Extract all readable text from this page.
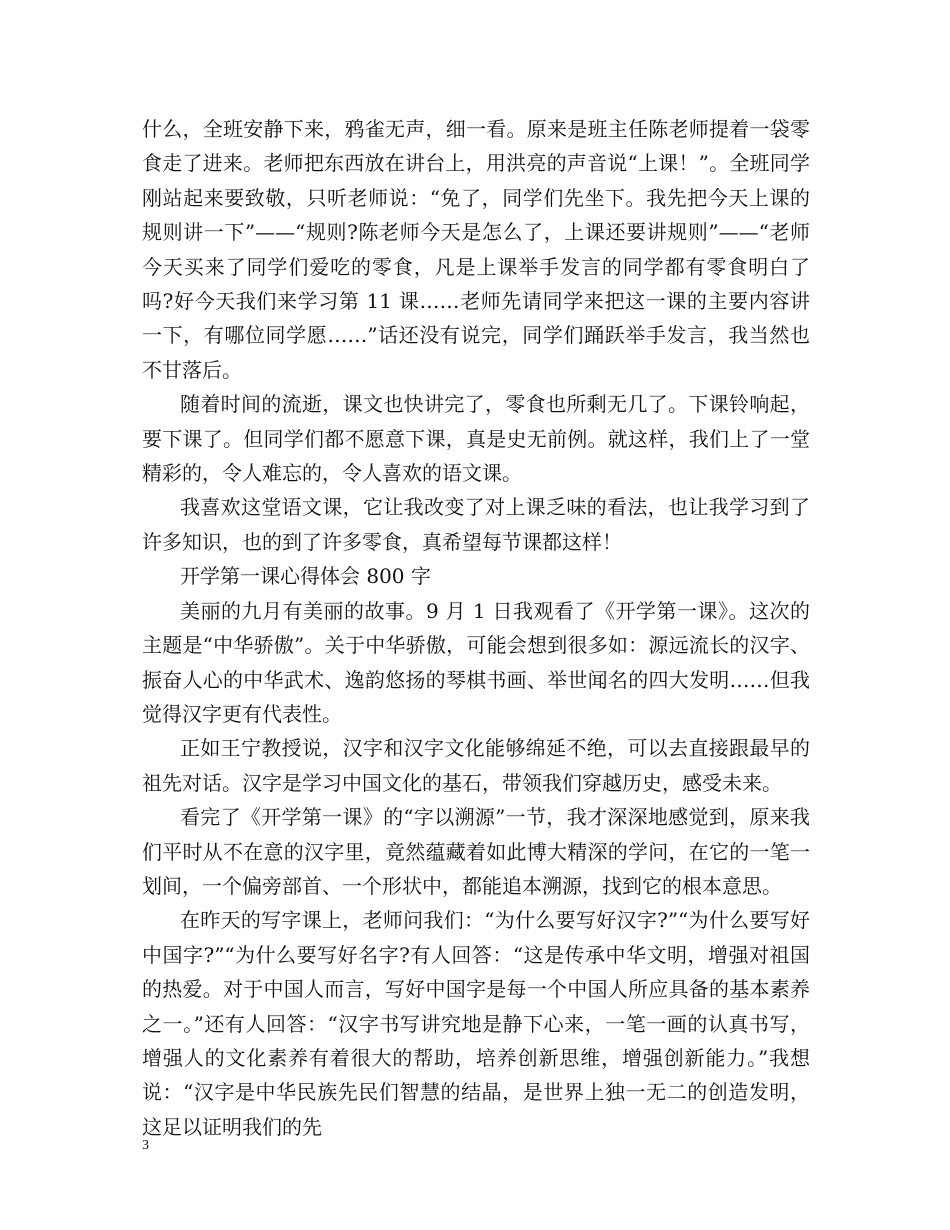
什么，全班安静下来，鸦雀无声，细一看。原来是班主任陈老师提着一袋零食走了进来。老师把东西放在讲台上，用洪亮的声音说“上课！”。全班同学刚站起来要致敬，只听老师说：“免了，同学们先坐下。我先把今天上课的规则讲一下”——“规则?陈老师今天是怎么了，上课还要讲规则”——“老师今天买来了同学们爱吃的零食，凡是上课举手发言的同学都有零食明白了吗?好今天我们来学习第 11 课……老师先请同学来把这一课的主要内容讲一下，有哪位同学愿……”话还没有说完，同学们踊跃举手发言，我当然也不甘落后。

随着时间的流逝，课文也快讲完了，零食也所剩无几了。下课铃响起，要下课了。但同学们都不愿意下课，真是史无前例。就这样，我们上了一堂精彩的，令人难忘的，令人喜欢的语文课。

我喜欢这堂语文课，它让我改变了对上课乏味的看法，也让我学习到了许多知识，也的到了许多零食，真希望每节课都这样！

开学第一课心得体会 800 字

美丽的九月有美丽的故事。9 月 1 日我观看了《开学第一课》。这次的主题是“中华骄傲”。关于中华骄傲，可能会想到很多如：源远流长的汉字、振奋人心的中华武术、逸韵悠扬的琴棋书画、举世闻名的四大发明……但我觉得汉字更有代表性。

正如王宁教授说，汉字和汉字文化能够绵延不绝，可以去直接跟最早的祖先对话。汉字是学习中国文化的基石，带领我们穿越历史，感受未来。

看完了《开学第一课》的“字以溯源”一节，我才深深地感觉到，原来我们平时从不在意的汉字里，竟然蕴藏着如此博大精深的学问，在它的一笔一划间，一个偏旁部首、一个形状中，都能追本溯源，找到它的根本意思。

在昨天的写字课上，老师问我们：“为什么要写好汉字?”“为什么要写好中国字?”“为什么要写好名字?有人回答：“这是传承中华文明，增强对祖国的热爱。对于中国人而言，写好中国字是每一个中国人所应具备的基本素养之一。”还有人回答：“汉字书写讲究地是静下心来，一笔一画的认真书写，增强人的文化素养有着很大的帮助，培养创新思维，增强创新能力。”我想说：“汉字是中华民族先民们智慧的结晶，是世界上独一无二的创造发明，这足以证明我们的先

3
